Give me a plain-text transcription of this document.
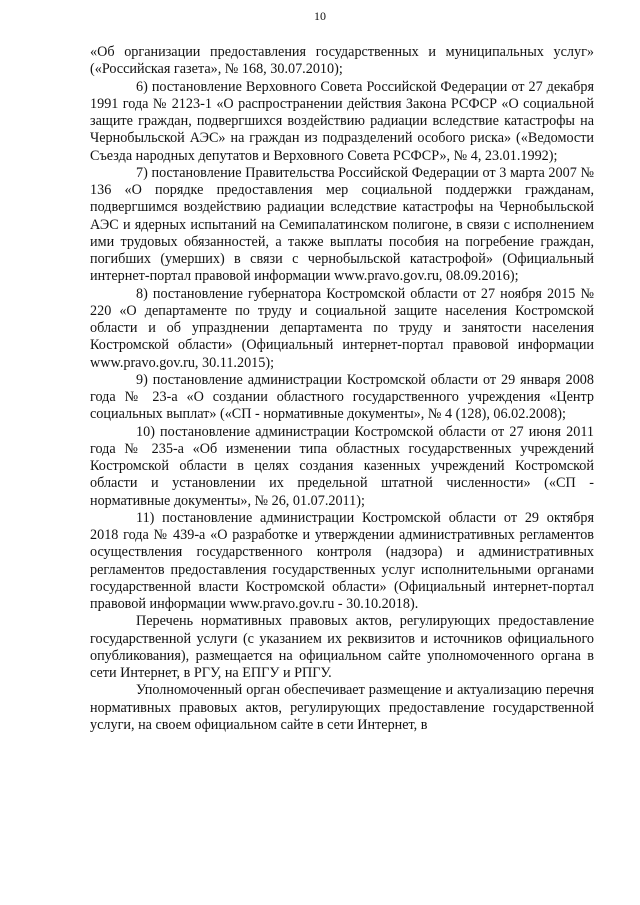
10

«Об организации предоставления государственных и муниципальных услуг» («Российская газета», № 168, 30.07.2010);

6) постановление Верховного Совета Российской Федерации от 27 декабря 1991 года № 2123-1 «О распространении действия Закона РСФСР «О социальной защите граждан, подвергшихся воздействию радиации вследствие катастрофы на Чернобыльской АЭС» на граждан из подразделений особого риска» («Ведомости Съезда народных депутатов и Верховного Совета РСФСР», № 4, 23.01.1992);

7) постановление Правительства Российской Федерации от 3 марта 2007 № 136 «О порядке предоставления мер социальной поддержки гражданам, подвергшимся воздействию радиации вследствие катастрофы на Чернобыльской АЭС и ядерных испытаний на Семипалатинском полигоне, в связи с исполнением ими трудовых обязанностей, а также выплаты пособия на погребение граждан, погибших (умерших) в связи с чернобыльской катастрофой» (Официальный интернет-портал правовой информации www.pravo.gov.ru, 08.09.2016);

8) постановление губернатора Костромской области от 27 ноября 2015 № 220 «О департаменте по труду и социальной защите населения Костромской области и об упразднении департамента по труду и занятости населения Костромской области» (Официальный интернет-портал правовой информации www.pravo.gov.ru, 30.11.2015);

9) постановление администрации Костромской области от 29 января 2008 года № 23-а «О создании областного государственного учреждения «Центр социальных выплат» («СП - нормативные документы», № 4 (128), 06.02.2008);

10) постановление администрации Костромской области от 27 июня 2011 года № 235-а «Об изменении типа областных государственных учреждений Костромской области в целях создания казенных учреждений Костромской области и установлении их предельной штатной численности» («СП - нормативные документы», № 26, 01.07.2011);

11) постановление администрации Костромской области от 29 октября 2018 года № 439-а «О разработке и утверждении административных регламентов осуществления государственного контроля (надзора) и административных регламентов предоставления государственных услуг исполнительными органами государственной власти Костромской области» (Официальный интернет-портал правовой информации www.pravo.gov.ru - 30.10.2018).

Перечень нормативных правовых актов, регулирующих предоставление государственной услуги (с указанием их реквизитов и источников официального опубликования), размещается на официальном сайте уполномоченного органа в сети Интернет, в РГУ, на ЕПГУ и РПГУ.

Уполномоченный орган обеспечивает размещение и актуализацию перечня нормативных правовых актов, регулирующих предоставление государственной услуги, на своем официальном сайте в сети Интернет, в
